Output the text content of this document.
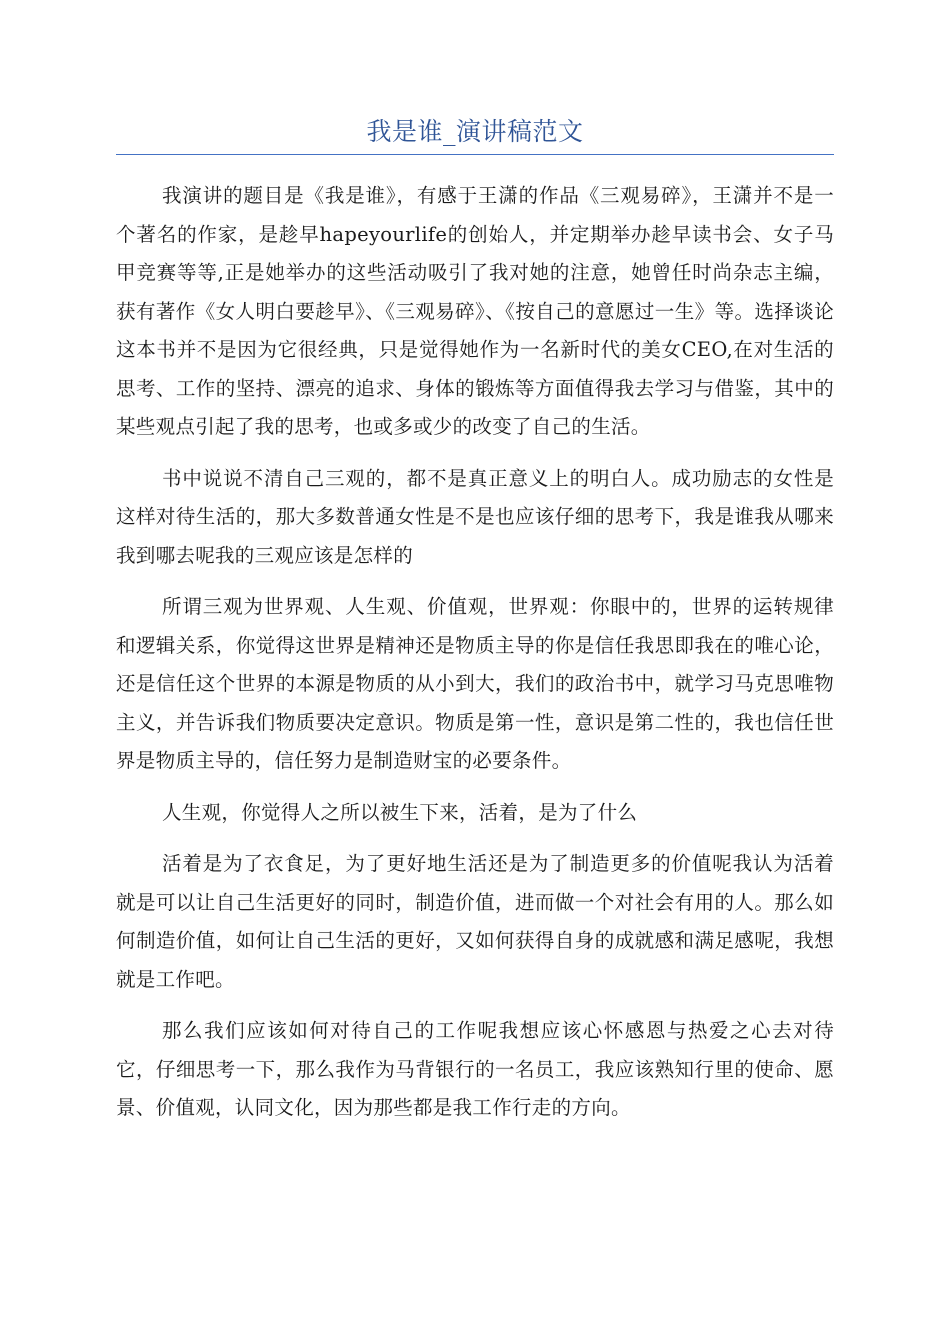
我是谁_演讲稿范文

我演讲的题目是《我是谁》，有感于王潇的作品《三观易碎》，王潇并不是一个著名的作家，是趁早hapeyourlife的创始人，并定期举办趁早读书会、女子马甲竞赛等等,正是她举办的这些活动吸引了我对她的注意，她曾任时尚杂志主编，获有著作《女人明白要趁早》、《三观易碎》、《按自己的意愿过一生》等。选择谈论这本书并不是因为它很经典，只是觉得她作为一名新时代的美女CEO,在对生活的思考、工作的坚持、漂亮的追求、身体的锻炼等方面值得我去学习与借鉴，其中的某些观点引起了我的思考，也或多或少的改变了自己的生活。

书中说说不清自己三观的，都不是真正意义上的明白人。成功励志的女性是这样对待生活的，那大多数普通女性是不是也应该仔细的思考下，我是谁我从哪来我到哪去呢我的三观应该是怎样的

所谓三观为世界观、人生观、价值观，世界观：你眼中的，世界的运转规律和逻辑关系，你觉得这世界是精神还是物质主导的你是信任我思即我在的唯心论，还是信任这个世界的本源是物质的从小到大，我们的政治书中，就学习马克思唯物主义，并告诉我们物质要决定意识。物质是第一性，意识是第二性的，我也信任世界是物质主导的，信任努力是制造财宝的必要条件。

人生观，你觉得人之所以被生下来，活着，是为了什么

活着是为了衣食足，为了更好地生活还是为了制造更多的价值呢我认为活着就是可以让自己生活更好的同时，制造价值，进而做一个对社会有用的人。那么如何制造价值，如何让自己生活的更好，又如何获得自身的成就感和满足感呢，我想就是工作吧。

那么我们应该如何对待自己的工作呢我想应该心怀感恩与热爱之心去对待它，仔细思考一下，那么我作为马背银行的一名员工，我应该熟知行里的使命、愿景、价值观，认同文化，因为那些都是我工作行走的方向。
